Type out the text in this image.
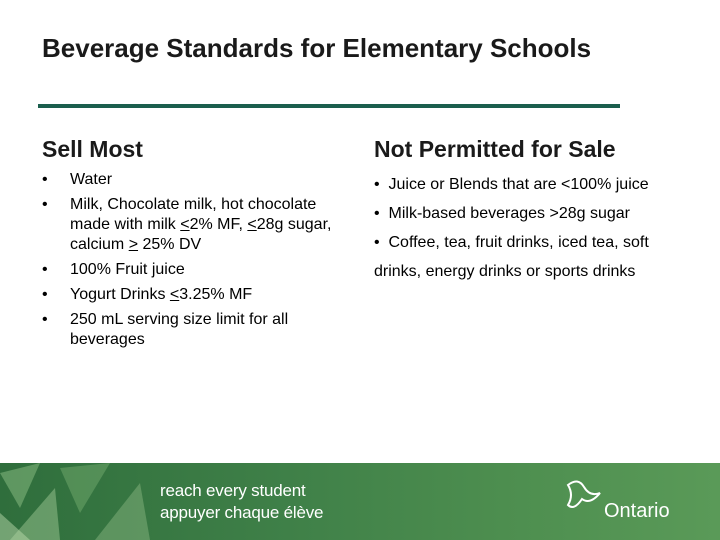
Beverage Standards for Elementary Schools
Sell Most	Not Permitted for Sale
• Water
• Milk, Chocolate milk, hot chocolate made with milk <2% MF, <28g sugar, calcium > 25% DV
• 100% Fruit juice
• Yogurt Drinks <3.25% MF
• 250 mL serving size limit for all beverages

• Juice or Blends that are <100% juice
• Milk-based beverages >28g sugar
• Coffee, tea, fruit drinks, iced tea, soft drinks, energy drinks or sports drinks

reach every student
appuyer chaque élève	Ontario
